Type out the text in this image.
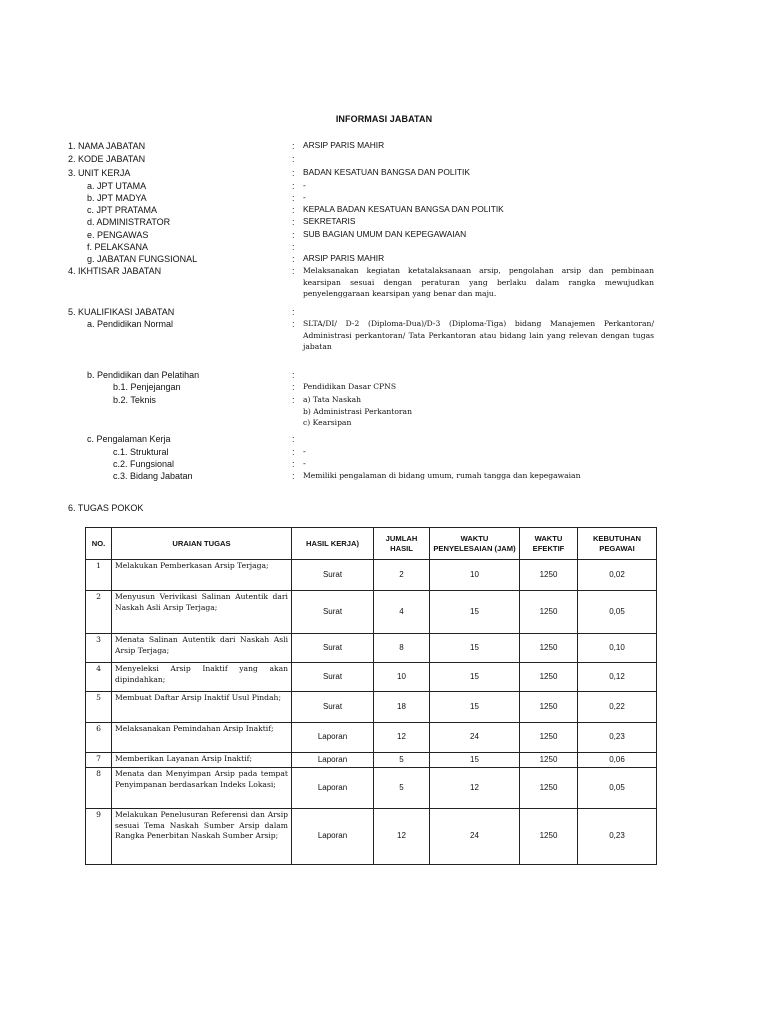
INFORMASI JABATAN
1. NAMA JABATAN	: ARSIP PARIS MAHIR
2. KODE JABATAN	:
3. UNIT KERJA	: BADAN KESATUAN BANGSA DAN POLITIK
a. JPT UTAMA	: -
b. JPT MADYA	: -
c. JPT PRATAMA	: KEPALA BADAN KESATUAN BANGSA DAN POLITIK
d. ADMINISTRATOR	: SEKRETARIS
e. PENGAWAS	: SUB BAGIAN UMUM DAN KEPEGAWAIAN
f. PELAKSANA	:
g. JABATAN FUNGSIONAL	: ARSIP PARIS MAHIR
4. IKHTISAR JABATAN	: Melaksanakan kegiatan ketatalaksanaan arsip, pengolahan arsip dan pembinaan kearsipan sesuai dengan peraturan yang berlaku dalam rangka mewujudkan penyelenggaraan kearsipan yang benar dan maju.
5. KUALIFIKASI JABATAN	:
a. Pendidikan Normal	: SLTA/DI/ D-2 (Diploma-Dua)/D-3 (Diploma-Tiga) bidang Manajemen Perkantoran/ Administrasi perkantoran/ Tata Perkantoran atau bidang lain yang relevan dengan tugas jabatan
b. Pendidikan dan Pelatihan	:
b.1. Penjejangan	: Pendidikan Dasar CPNS
b.2. Teknis	: a) Tata Naskah
b) Administrasi Perkantoran
c) Kearsipan
c. Pengalaman Kerja	:
c.1. Struktural	: -
c.2. Fungsional	: -
c.3. Bidang Jabatan	: Memiliki pengalaman di bidang umum, rumah tangga dan kepegawaian
6. TUGAS POKOK
NO.	URAIAN TUGAS	HASIL KERJA)	JUMLAH HASIL	WAKTU PENYELESAIAN (JAM)	WAKTU EFEKTIF	KEBUTUHAN PEGAWAI
1	Melakukan Pemberkasan Arsip Terjaga;	Surat	2	10	1250	0,02
2	Menyusun Verivikasi Salinan Autentik dari Naskah Asli Arsip Terjaga;	Surat	4	15	1250	0,05
3	Menata Salinan Autentik dari Naskah Asli Arsip Terjaga;	Surat	8	15	1250	0,10
4	Menyeleksi Arsip Inaktif yang akan dipindahkan;	Surat	10	15	1250	0,12
5	Membuat Daftar Arsip Inaktif Usul Pindah;	Surat	18	15	1250	0,22
6	Melaksanakan Pemindahan Arsip Inaktif;	Laporan	12	24	1250	0,23
7	Memberikan Layanan Arsip Inaktif;	Laporan	5	15	1250	0,06
8	Menata dan Menyimpan Arsip pada tempat Penyimpanan berdasarkan Indeks Lokasi;	Laporan	5	12	1250	0,05
9	Melakukan Penelusuran Referensi dan Arsip sesuai Tema Naskah Sumber Arsip dalam Rangka Penerbitan Naskah Sumber Arsip;	Laporan	12	24	1250	0,23
